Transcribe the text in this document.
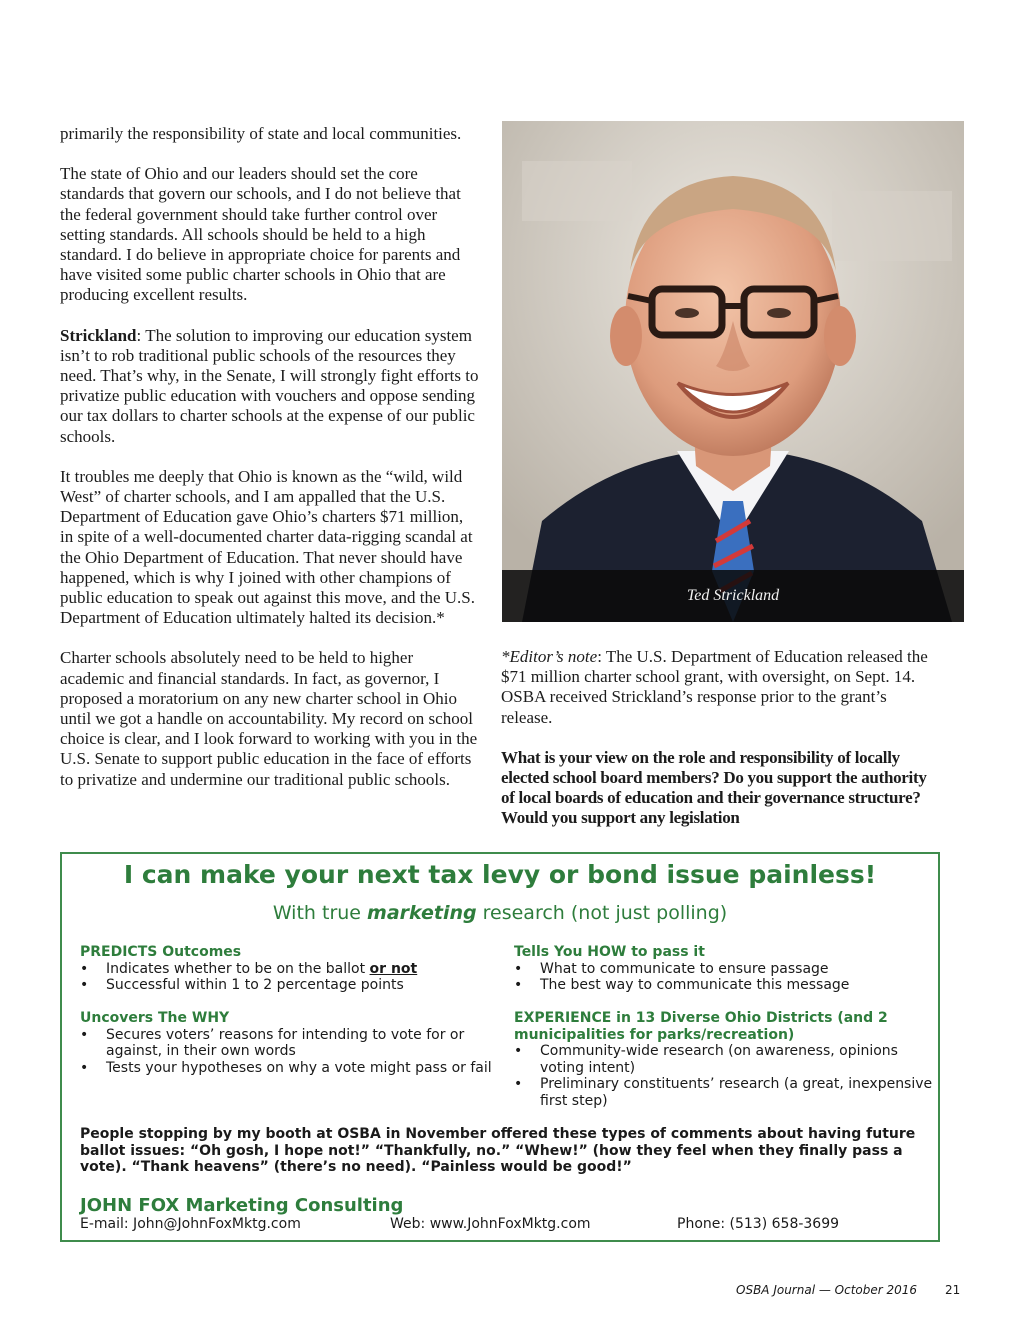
primarily the responsibility of state and local communities.

The state of Ohio and our leaders should set the core standards that govern our schools, and I do not believe that the federal government should take further control over setting standards. All schools should be held to a high standard. I do believe in appropriate choice for parents and have visited some public charter schools in Ohio that are producing excellent results.

Strickland: The solution to improving our education system isn’t to rob traditional public schools of the resources they need. That’s why, in the Senate, I will strongly fight efforts to privatize public education with vouchers and oppose sending our tax dollars to charter schools at the expense of our public schools.

It troubles me deeply that Ohio is known as the “wild, wild West” of charter schools, and I am appalled that the U.S. Department of Education gave Ohio’s charters $71 million, in spite of a well-documented charter data-rigging scandal at the Ohio Department of Education. That never should have happened, which is why I joined with other champions of public education to speak out against this move, and the U.S. Department of Education ultimately halted its decision.*

Charter schools absolutely need to be held to higher academic and financial standards. In fact, as governor, I proposed a moratorium on any new charter school in Ohio until we got a handle on accountability. My record on school choice is clear, and I look forward to working with you in the U.S. Senate to support public education in the face of efforts to privatize and undermine our traditional public schools.

Ted Strickland

*Editor’s note: The U.S. Department of Education released the $71 million charter school grant, with oversight, on Sept. 14. OSBA received Strickland’s response prior to the grant’s release.

What is your view on the role and responsibility of locally elected school board members? Do you support the authority of local boards of education and their governance structure? Would you support any legislation

I can make your next tax levy or bond issue painless!
With true marketing research (not just polling)
PREDICTS Outcomes
• Indicates whether to be on the ballot or not
• Successful within 1 to 2 percentage points
Tells You HOW to pass it
• What to communicate to ensure passage
• The best way to communicate this message
Uncovers The WHY
• Secures voters’ reasons for intending to vote for or against, in their own words
• Tests your hypotheses on why a vote might pass or fail
EXPERIENCE in 13 Diverse Ohio Districts (and 2 municipalities for parks/recreation)
• Community-wide research (on awareness, opinions voting intent)
• Preliminary constituents’ research (a great, inexpensive first step)
People stopping by my booth at OSBA in November offered these types of comments about having future ballot issues: “Oh gosh, I hope not!” “Thankfully, no.” “Whew!” (how they feel when they finally pass a vote). “Thank heavens” (there’s no need). “Painless would be good!”
JOHN FOX Marketing Consulting
E-mail: John@JohnFoxMktg.com	Web: www.JohnFoxMktg.com	Phone: (513) 658-3699
OSBA Journal — October 2016 21
